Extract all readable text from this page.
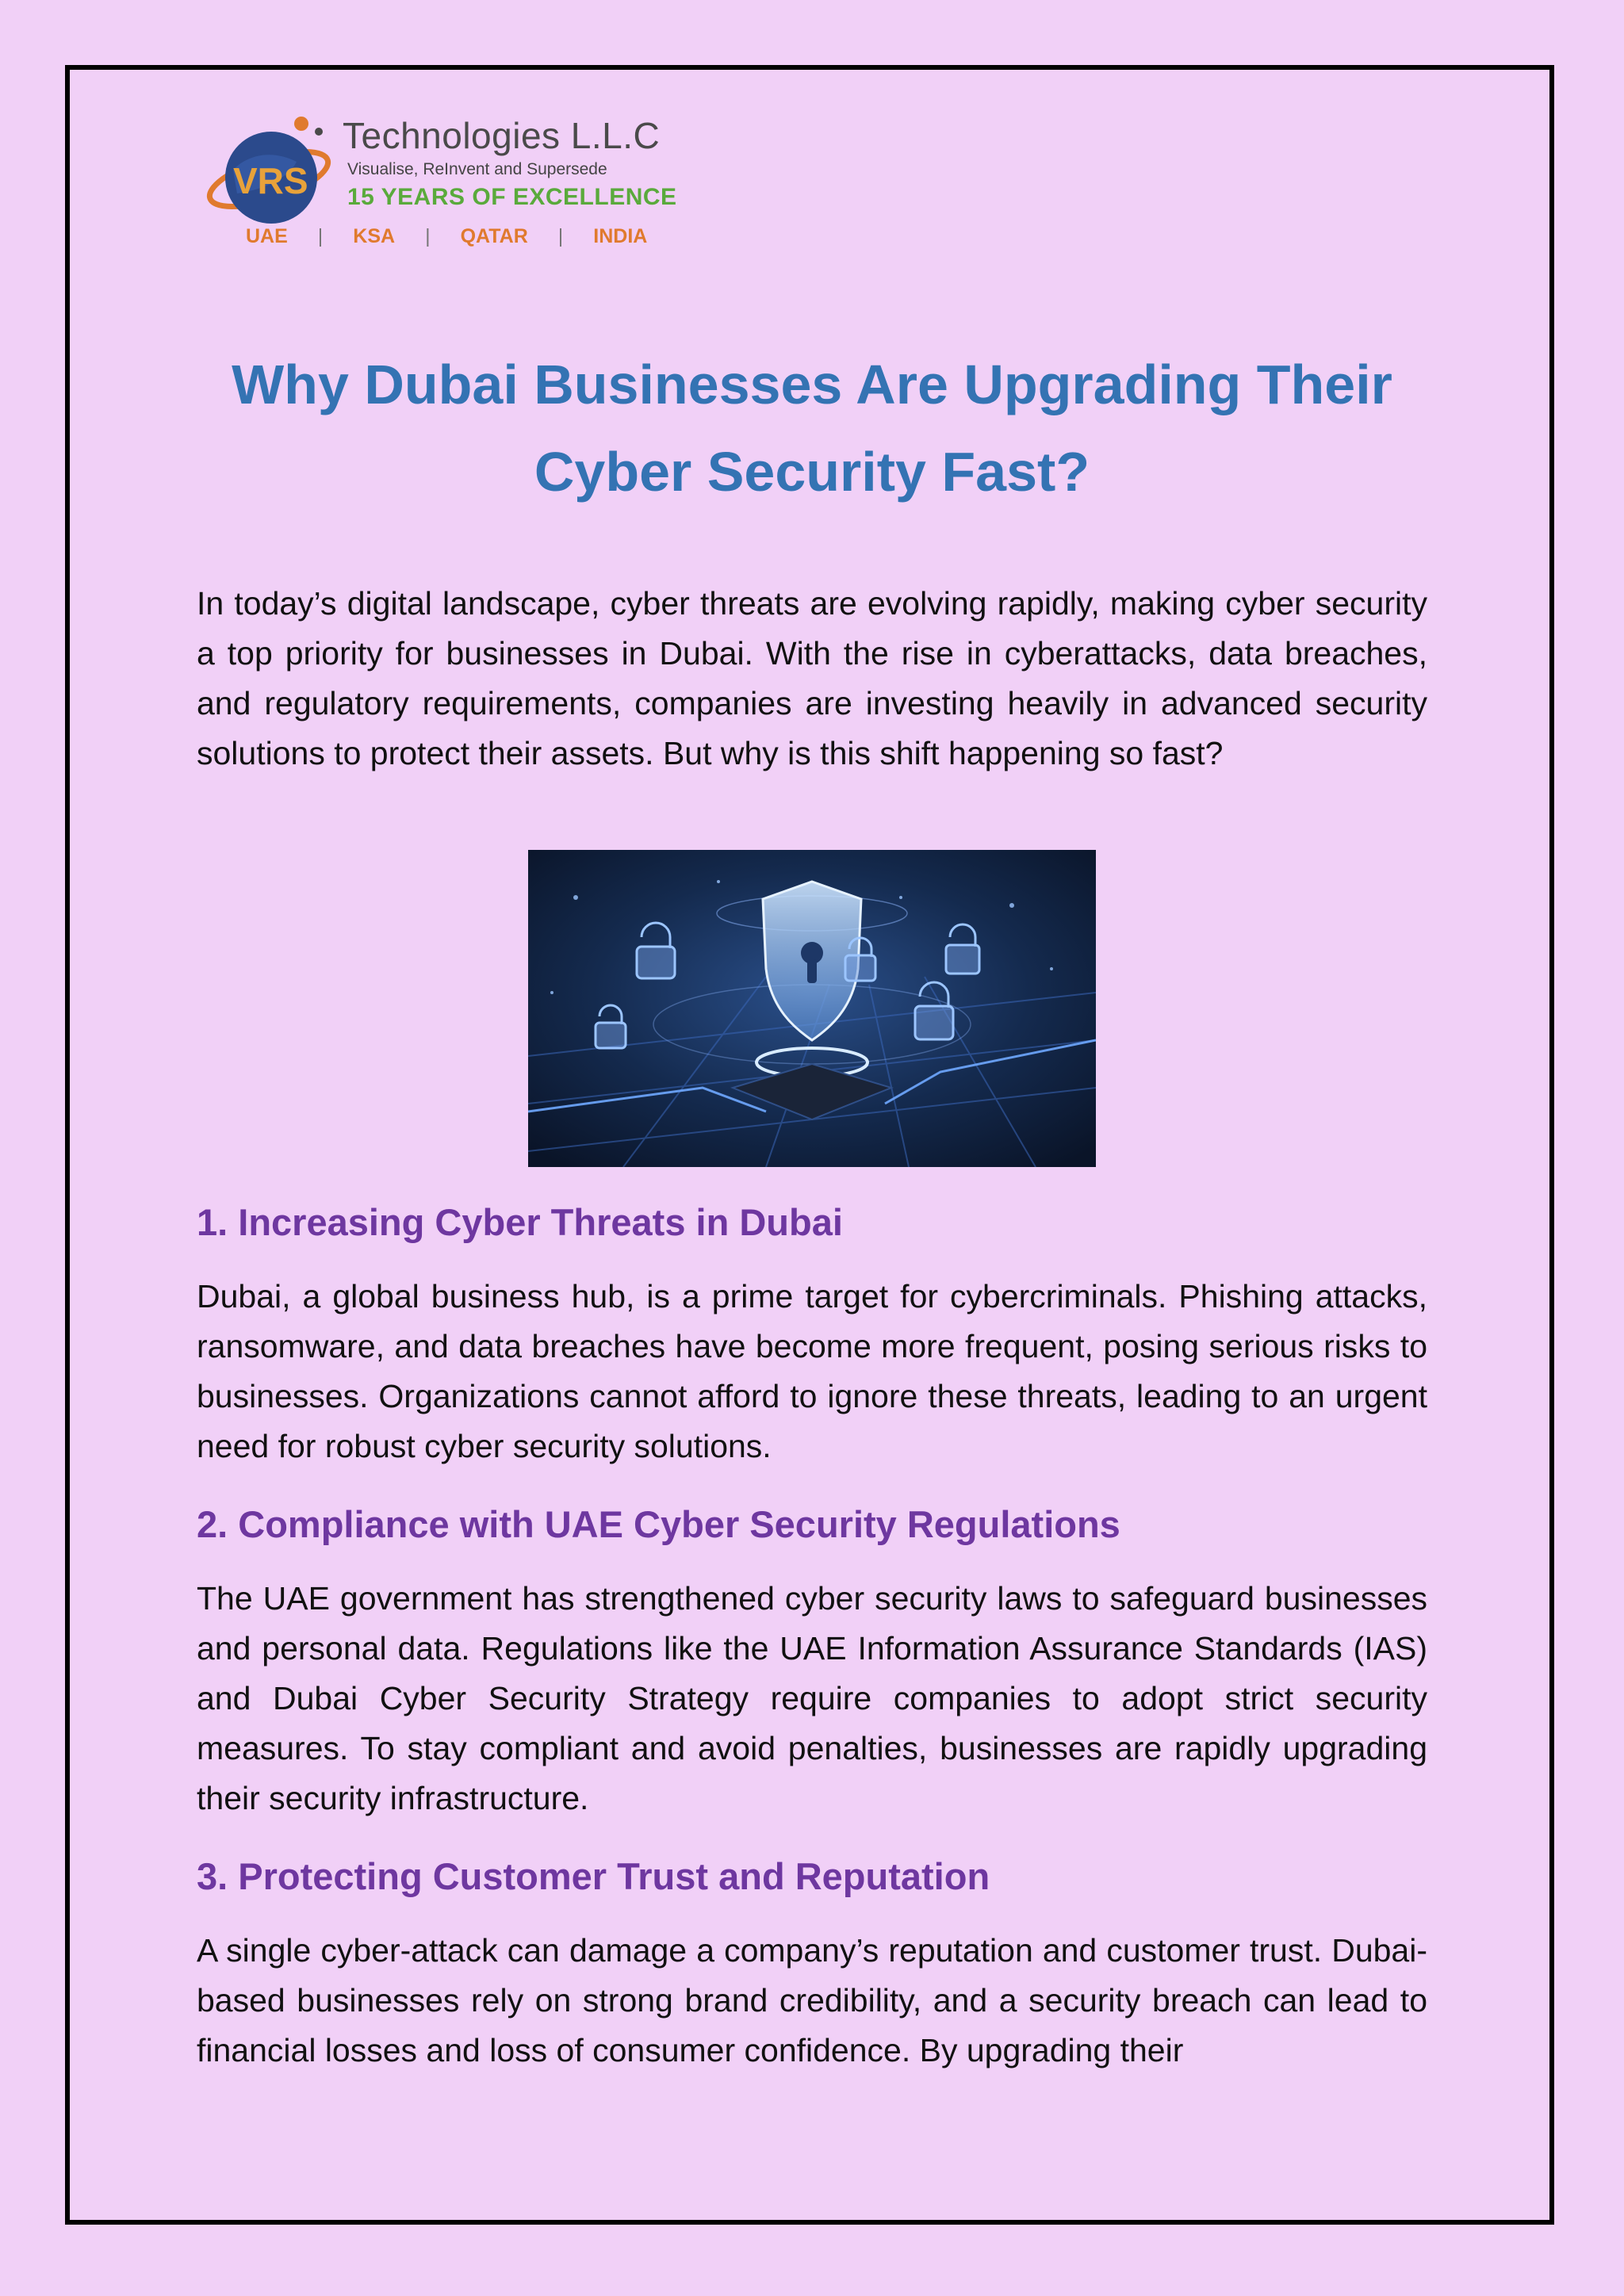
VRS
Technologies L.L.C
Visualise, ReInvent and Supersede
15 YEARS OF EXCELLENCE
UAE | KSA | QATAR | INDIA
Why Dubai Businesses Are Upgrading Their Cyber Security Fast?

In today’s digital landscape, cyber threats are evolving rapidly, making cyber security a top priority for businesses in Dubai. With the rise in cyberattacks, data breaches, and regulatory requirements, companies are investing heavily in advanced security solutions to protect their assets. But why is this shift happening so fast?

1. Increasing Cyber Threats in Dubai

Dubai, a global business hub, is a prime target for cybercriminals. Phishing attacks, ransomware, and data breaches have become more frequent, posing serious risks to businesses. Organizations cannot afford to ignore these threats, leading to an urgent need for robust cyber security solutions.

2. Compliance with UAE Cyber Security Regulations

The UAE government has strengthened cyber security laws to safeguard businesses and personal data. Regulations like the UAE Information Assurance Standards (IAS) and Dubai Cyber Security Strategy require companies to adopt strict security measures. To stay compliant and avoid penalties, businesses are rapidly upgrading their security infrastructure.

3. Protecting Customer Trust and Reputation

A single cyber-attack can damage a company’s reputation and customer trust. Dubai-based businesses rely on strong brand credibility, and a security breach can lead to financial losses and loss of consumer confidence. By upgrading their
